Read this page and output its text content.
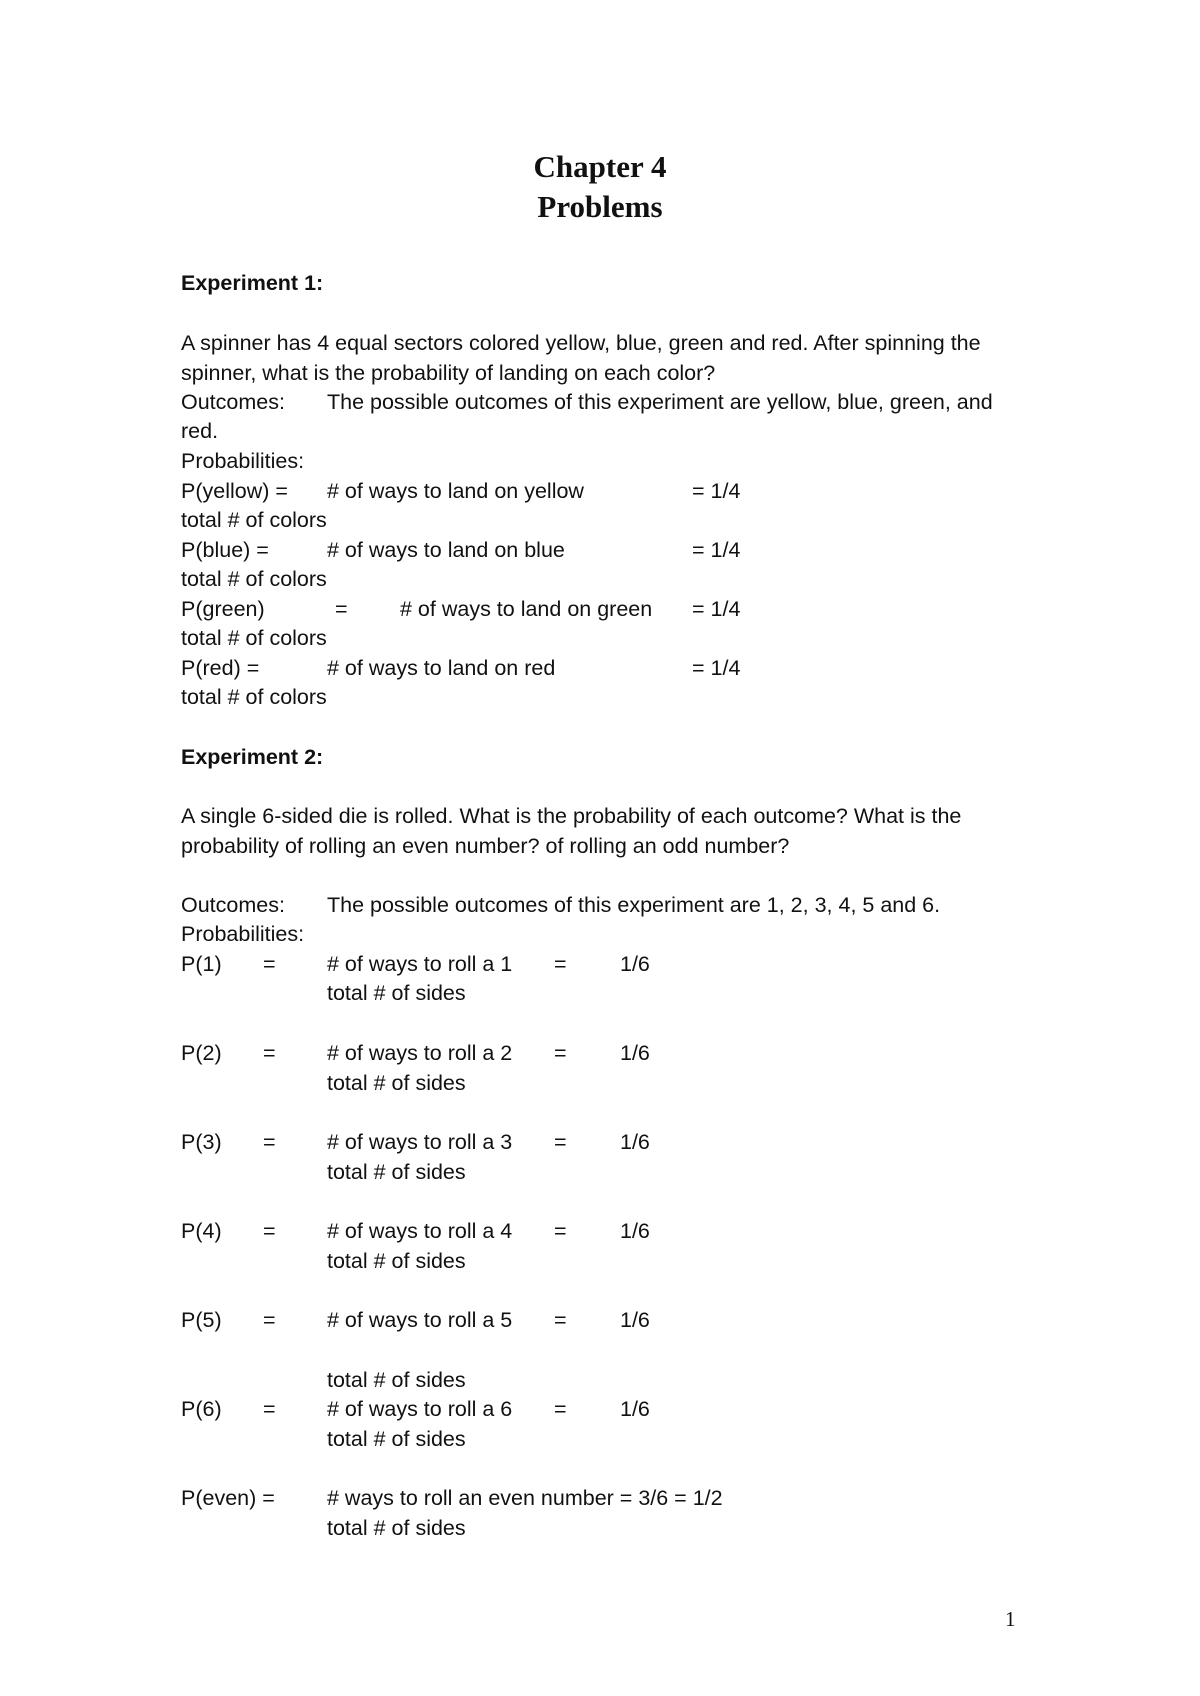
Chapter 4
Problems
Experiment 1:
A spinner has 4 equal sectors colored yellow, blue, green and red. After spinning the
spinner, what is the probability of landing on each color?
Outcomes: The possible outcomes of this experiment are yellow, blue, green, and
red.
Probabilities:
P(yellow) = # of ways to land on yellow	= 1/4
total # of colors
P(blue) =	# of ways to land on blue	= 1/4
total # of colors
P(green)	= # of ways to land on green = 1/4
total # of colors
P(red) =	# of ways to land on red	= 1/4
total # of colors
Experiment 2:
A single 6-sided die is rolled. What is the probability of each outcome? What is the
probability of rolling an even number? of rolling an odd number?
Outcomes: The possible outcomes of this experiment are 1, 2, 3, 4, 5 and 6.
Probabilities:
P(1) = # of ways to roll a 1 = 1/6
total # of sides
P(2) = # of ways to roll a 2 = 1/6
total # of sides
P(3) = # of ways to roll a 3 = 1/6
total # of sides
P(4) = # of ways to roll a 4 = 1/6
total # of sides
P(5) = # of ways to roll a 5 = 1/6
total # of sides
P(6) = # of ways to roll a 6 = 1/6
total # of sides
P(even) = # ways to roll an even number = 3/6 = 1/2
total # of sides
1
